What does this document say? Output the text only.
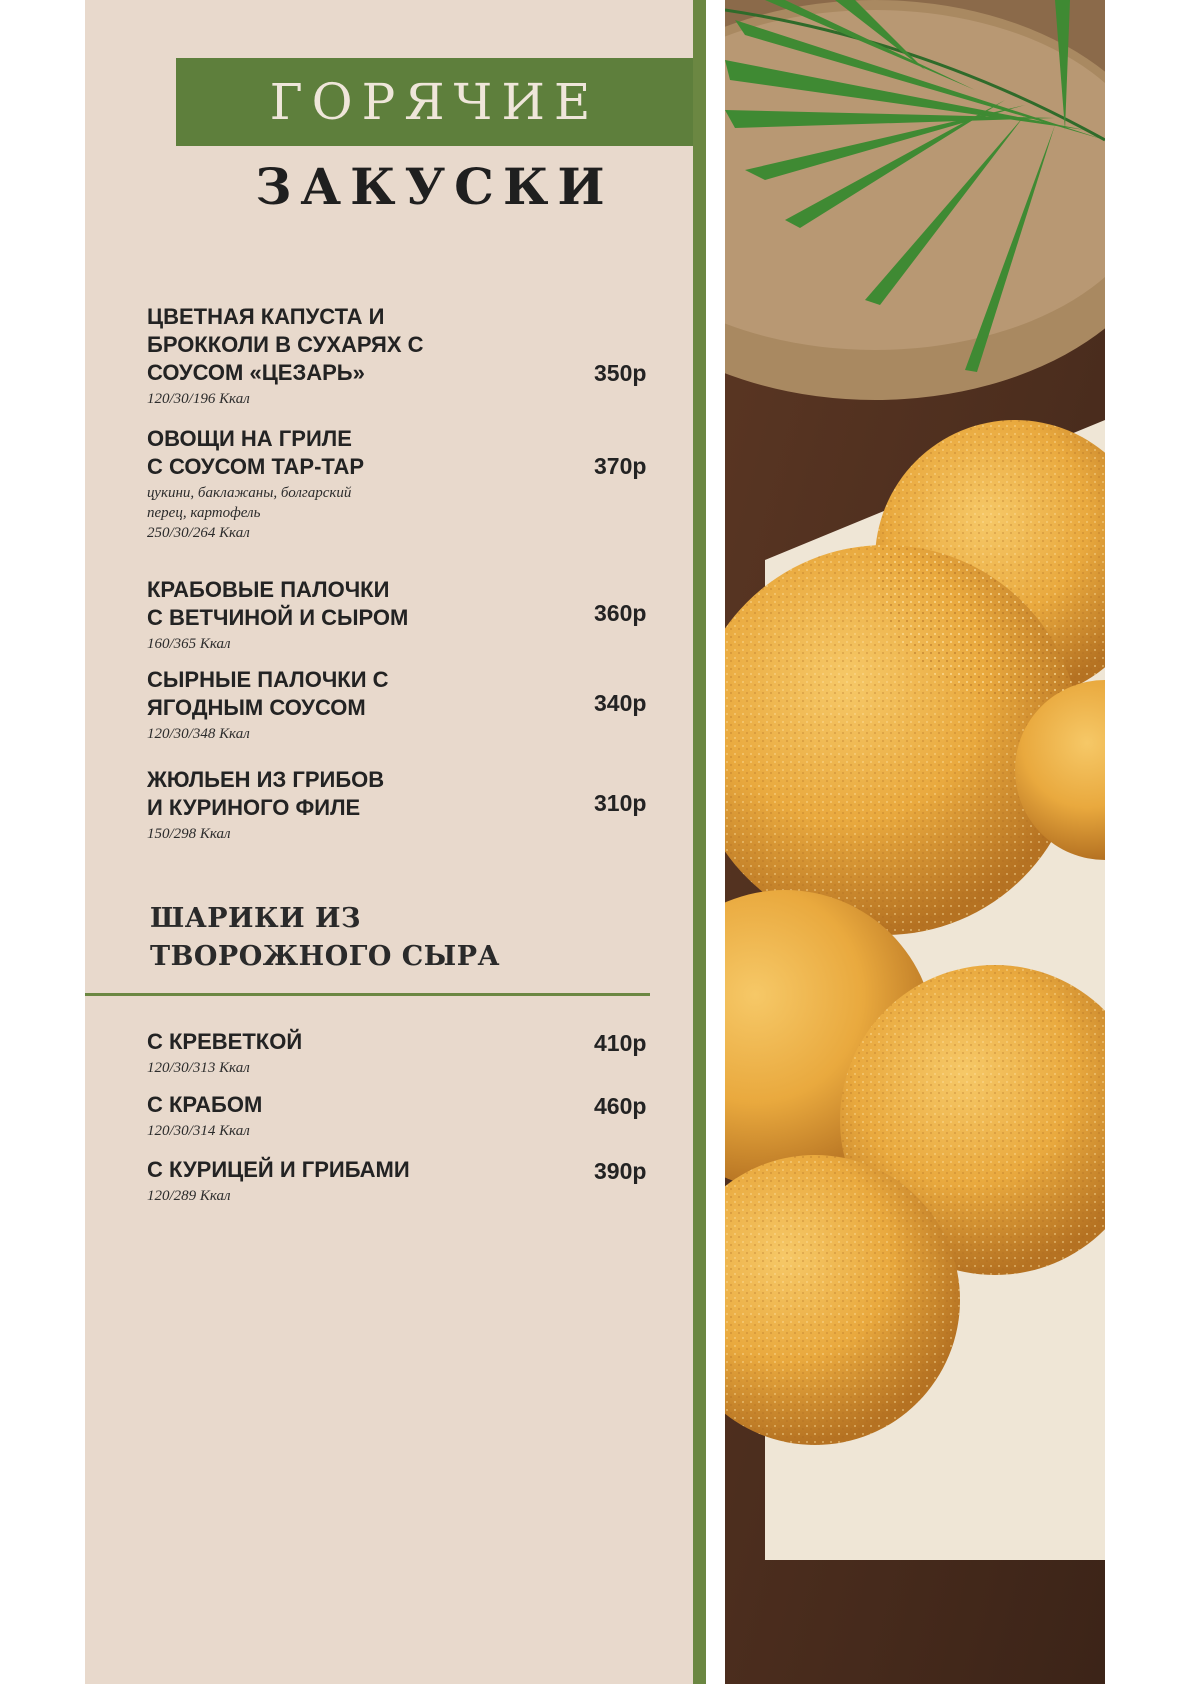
ГОРЯЧИЕ
ЗАКУСКИ
ЦВЕТНАЯ КАПУСТА И
БРОККОЛИ В СУХАРЯХ С
СОУСОМ «ЦЕЗАРЬ»
120/30/196 Ккал
350р
ОВОЩИ НА ГРИЛЕ
С СОУСОМ ТАР-ТАР
цукини, баклажаны, болгарский
перец, картофель
250/30/264 Ккал
370р
КРАБОВЫЕ ПАЛОЧКИ
С ВЕТЧИНОЙ И СЫРОМ
160/365 Ккал
360р
СЫРНЫЕ ПАЛОЧКИ С
ЯГОДНЫМ СОУСОМ
120/30/348 Ккал
340р
ЖЮЛЬЕН ИЗ ГРИБОВ
И КУРИНОГО ФИЛЕ
150/298 Ккал
310р
ШАРИКИ ИЗ
ТВОРОЖНОГО СЫРА
С КРЕВЕТКОЙ
120/30/313 Ккал
410р
С КРАБОМ
120/30/314 Ккал
460р
С КУРИЦЕЙ И ГРИБАМИ
120/289 Ккал
390р
